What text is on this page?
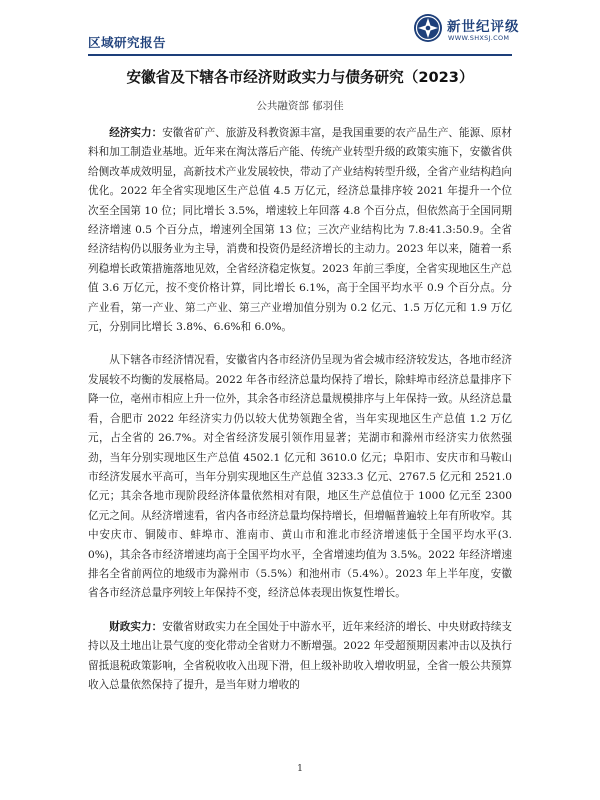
区域研究报告
新世纪评级
WWW.SHXSJ.COM
安徽省及下辖各市经济财政实力与债务研究（2023）
公共融资部 郁羽佳

经济实力：安徽省矿产、旅游及科教资源丰富，是我国重要的农产品生产、能源、原材料和加工制造业基地。近年来在淘汰落后产能、传统产业转型升级的政策实施下，安徽省供给侧改革成效明显，高新技术产业发展较快，带动了产业结构转型升级，全省产业结构趋向优化。2022 年全省实现地区生产总值 4.5 万亿元，经济总量排序较 2021 年提升一个位次至全国第 10 位；同比增长 3.5%，增速较上年回落 4.8 个百分点，但依然高于全国同期经济增速 0.5 个百分点，增速列全国第 13 位；三次产业结构比为 7.8:41.3:50.9。全省经济结构仍以服务业为主导，消费和投资仍是经济增长的主动力。2023 年以来，随着一系列稳增长政策措施落地见效，全省经济稳定恢复。2023 年前三季度，全省实现地区生产总值 3.6 万亿元，按不变价格计算，同比增长 6.1%，高于全国平均水平 0.9 个百分点。分产业看，第一产业、第二产业、第三产业增加值分别为 0.2 亿元、1.5 万亿元和 1.9 万亿元，分别同比增长 3.8%、6.6%和 6.0%。

从下辖各市经济情况看，安徽省内各市经济仍呈现为省会城市经济较发达，各地市经济发展较不均衡的发展格局。2022 年各市经济总量均保持了增长，除蚌埠市经济总量排序下降一位，亳州市相应上升一位外，其余各市经济总量规模排序与上年保持一致。从经济总量看，合肥市 2022 年经济实力仍以较大优势领跑全省，当年实现地区生产总值 1.2 万亿元，占全省的 26.7%。对全省经济发展引领作用显著；芜湖市和滁州市经济实力依然强劲，当年分别实现地区生产总值 4502.1 亿元和 3610.0 亿元；阜阳市、安庆市和马鞍山市经济发展水平高可，当年分别实现地区生产总值 3233.3 亿元、2767.5 亿元和 2521.0 亿元；其余各地市现阶段经济体量依然相对有限，地区生产总值位于 1000 亿元至 2300 亿元之间。从经济增速看，省内各市经济总量均保持增长，但增幅普遍较上年有所收窄。其中安庆市、铜陵市、蚌埠市、淮南市、黄山市和淮北市经济增速低于全国平均水平(3.0%)，其余各市经济增速均高于全国平均水平，全省增速均值为 3.5%。2022 年经济增速排名全省前两位的地级市为滁州市（5.5%）和池州市（5.4%）。2023 年上半年度，安徽省各市经济总量序列较上年保持不变，经济总体表现出恢复性增长。

财政实力：安徽省财政实力在全国处于中游水平，近年来经济的增长、中央财政持续支持以及土地出让景气度的变化带动全省财力不断增强。2022 年受超预期因素冲击以及执行留抵退税政策影响，全省税收收入出现下滑，但上级补助收入增收明显，全省一般公共预算收入总量依然保持了提升，是当年财力增收的

1
